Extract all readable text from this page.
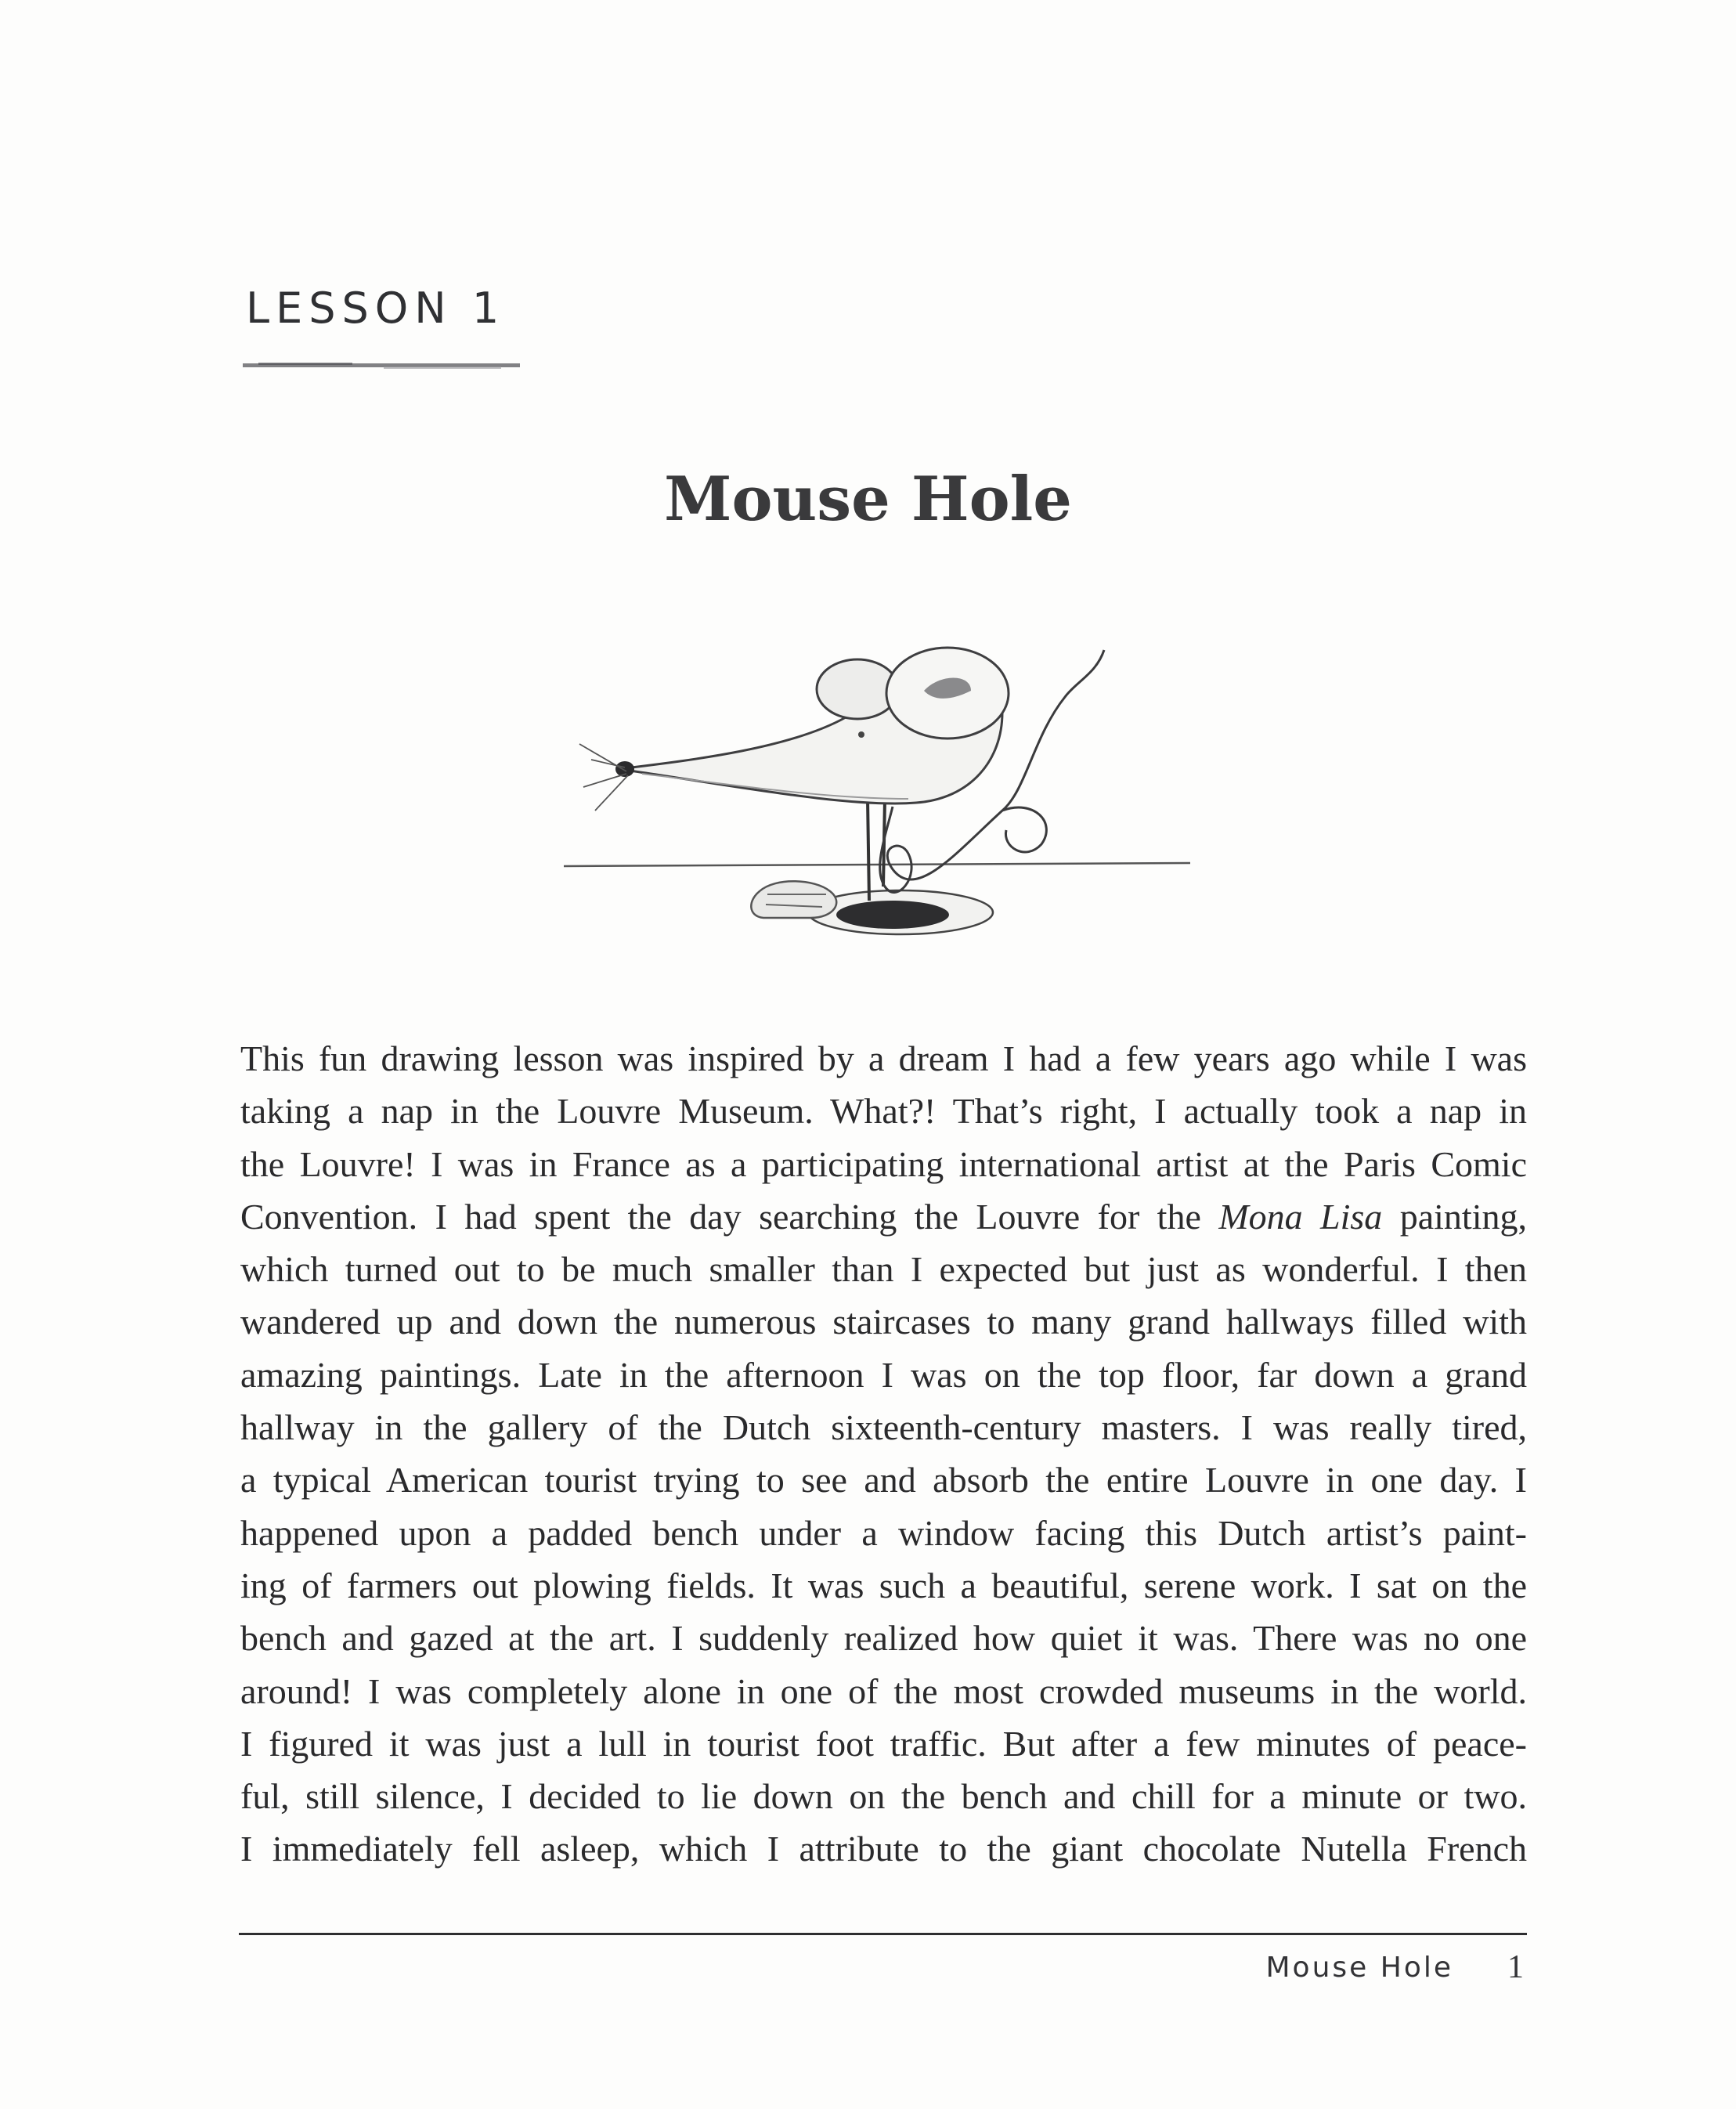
LESSON 1
Mouse Hole
This fun drawing lesson was inspired by a dream I had a few years ago while I was
taking a nap in the Louvre Museum. What?! That’s right, I actually took a nap in
the Louvre! I was in France as a participating international artist at the Paris Comic
Convention. I had spent the day searching the Louvre for the Mona Lisa painting,
which turned out to be much smaller than I expected but just as wonderful. I then
wandered up and down the numerous staircases to many grand hallways filled with
amazing paintings. Late in the afternoon I was on the top floor, far down a grand
hallway in the gallery of the Dutch sixteenth-century masters. I was really tired,
a typical American tourist trying to see and absorb the entire Louvre in one day. I
happened upon a padded bench under a window facing this Dutch artist’s paint-
ing of farmers out plowing fields. It was such a beautiful, serene work. I sat on the
bench and gazed at the art. I suddenly realized how quiet it was. There was no one
around! I was completely alone in one of the most crowded museums in the world.
I figured it was just a lull in tourist foot traffic. But after a few minutes of peace-
ful, still silence, I decided to lie down on the bench and chill for a minute or two.
I immediately fell asleep, which I attribute to the giant chocolate Nutella French
Mouse Hole 1
